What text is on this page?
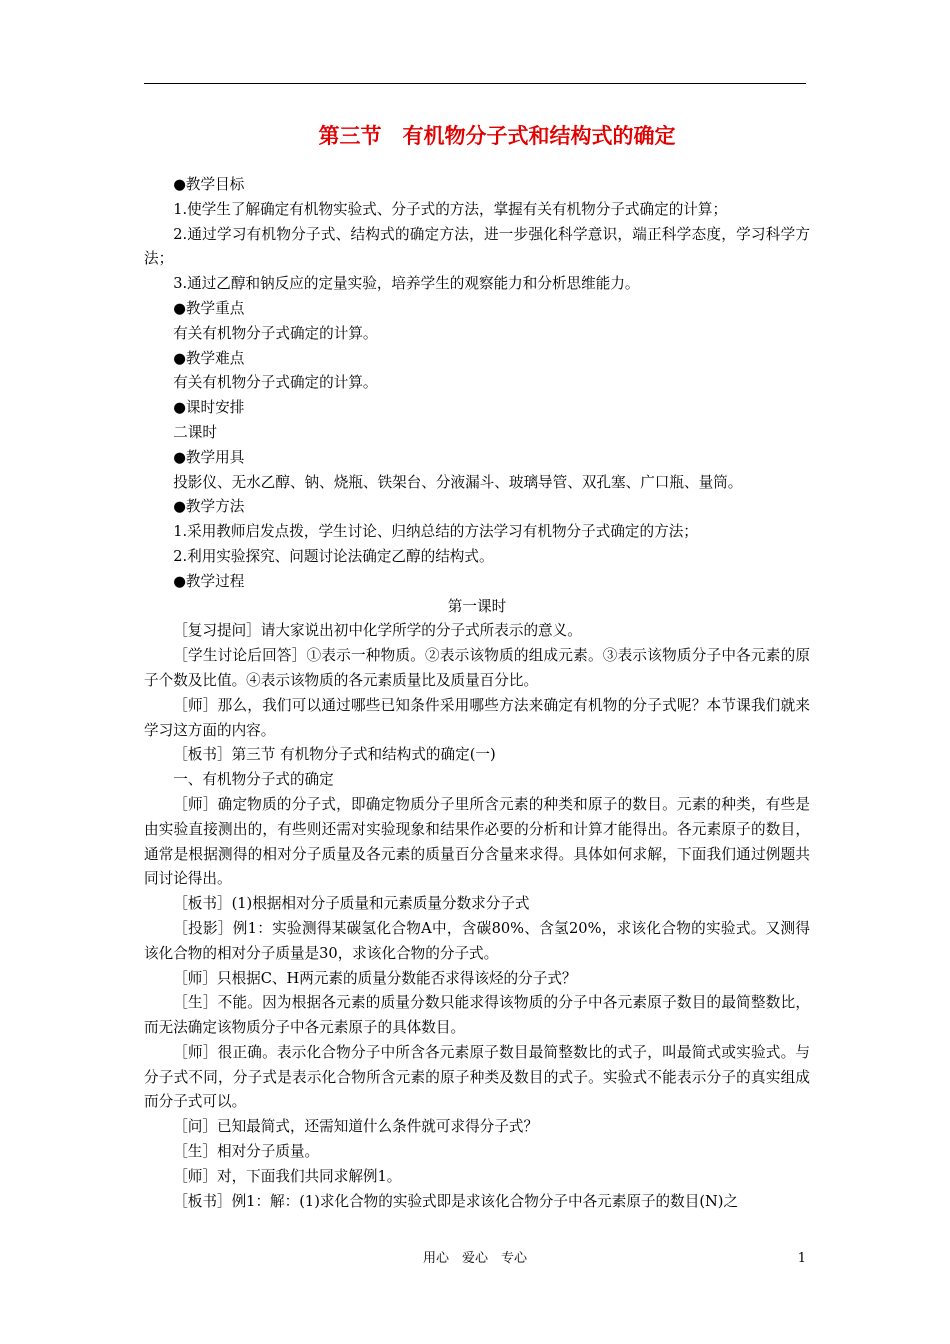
第三节　有机物分子式和结构式的确定

●教学目标

1.使学生了解确定有机物实验式、分子式的方法，掌握有关有机物分子式确定的计算；

2.通过学习有机物分子式、结构式的确定方法，进一步强化科学意识，端正科学态度，学习科学方法；

3.通过乙醇和钠反应的定量实验，培养学生的观察能力和分析思维能力。

●教学重点

有关有机物分子式确定的计算。

●教学难点

有关有机物分子式确定的计算。

●课时安排

二课时

●教学用具

投影仪、无水乙醇、钠、烧瓶、铁架台、分液漏斗、玻璃导管、双孔塞、广口瓶、量筒。

●教学方法

1.采用教师启发点拨，学生讨论、归纳总结的方法学习有机物分子式确定的方法；

2.利用实验探究、问题讨论法确定乙醇的结构式。

●教学过程

第一课时

［复习提问］请大家说出初中化学所学的分子式所表示的意义。

［学生讨论后回答］①表示一种物质。②表示该物质的组成元素。③表示该物质分子中各元素的原子个数及比值。④表示该物质的各元素质量比及质量百分比。

［师］那么，我们可以通过哪些已知条件采用哪些方法来确定有机物的分子式呢？本节课我们就来学习这方面的内容。

［板书］第三节 有机物分子式和结构式的确定(一)

一、有机物分子式的确定

［师］确定物质的分子式，即确定物质分子里所含元素的种类和原子的数目。元素的种类，有些是由实验直接测出的，有些则还需对实验现象和结果作必要的分析和计算才能得出。各元素原子的数目，通常是根据测得的相对分子质量及各元素的质量百分含量来求得。具体如何求解，下面我们通过例题共同讨论得出。

［板书］(1)根据相对分子质量和元素质量分数求分子式

［投影］例1：实验测得某碳氢化合物A中，含碳80%、含氢20%，求该化合物的实验式。又测得该化合物的相对分子质量是30，求该化合物的分子式。

［师］只根据C、H两元素的质量分数能否求得该烃的分子式？

［生］不能。因为根据各元素的质量分数只能求得该物质的分子中各元素原子数目的最简整数比，而无法确定该物质分子中各元素原子的具体数目。

［师］很正确。表示化合物分子中所含各元素原子数目最简整数比的式子，叫最简式或实验式。与分子式不同，分子式是表示化合物所含元素的原子种类及数目的式子。实验式不能表示分子的真实组成而分子式可以。

［问］已知最简式，还需知道什么条件就可求得分子式？

［生］相对分子质量。

［师］对，下面我们共同求解例1。

［板书］例1：解：(1)求化合物的实验式即是求该化合物分子中各元素原子的数目(N)之

用心　爱心　专心	1
